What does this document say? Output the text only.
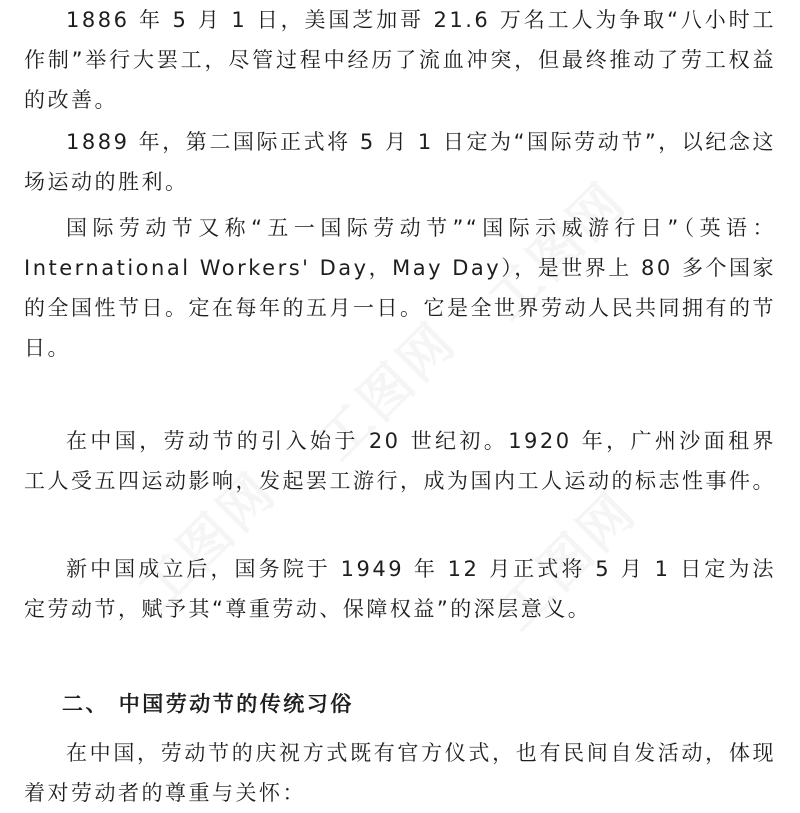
工图网
工图网
工图网	工图网

1886 年 5 月 1 日，美国芝加哥 21.6 万名工人为争取“八小时工作制”举行大罢工，尽管过程中经历了流血冲突，但最终推动了劳工权益的改善。

1889 年，第二国际正式将 5 月 1 日定为“国际劳动节”，以纪念这场运动的胜利。

国际劳动节又称“五一国际劳动节”“国际示威游行日”（英语：International Workers' Day，May Day），是世界上 80 多个国家的全国性节日。定在每年的五月一日。它是全世界劳动人民共同拥有的节日。

在中国，劳动节的引入始于 20 世纪初。1920 年，广州沙面租界工人受五四运动影响，发起罢工游行，成为国内工人运动的标志性事件。

新中国成立后，国务院于 1949 年 12 月正式将 5 月 1 日定为法定劳动节，赋予其“尊重劳动、保障权益”的深层意义。

二、 中国劳动节的传统习俗

在中国，劳动节的庆祝方式既有官方仪式，也有民间自发活动，体现着对劳动者的尊重与关怀：
